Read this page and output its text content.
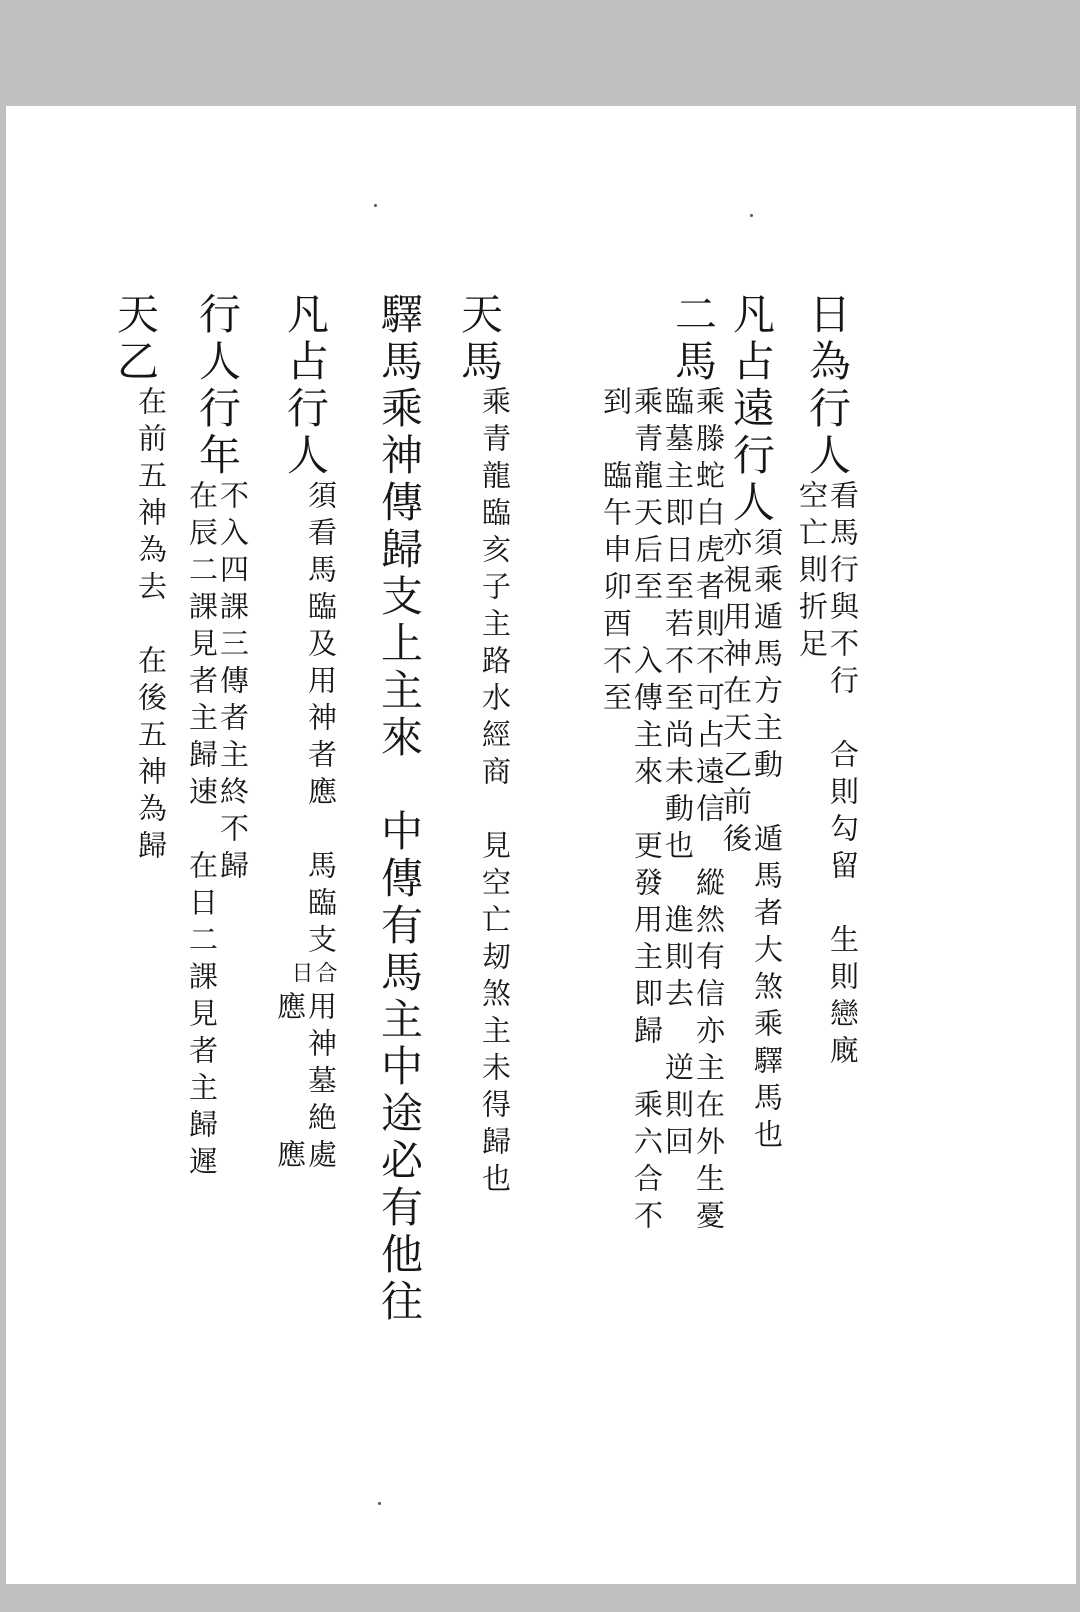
日為行人看馬行與不行　合則勾留　生則戀廐
空亡則折足
凡占遠行人須乘遁馬方主動　遁馬者大煞乘驛馬也
亦視用神在天乙前後
二馬乘滕蛇白虎者則不可占遠信　縱然有信亦主在外生憂
臨墓主即日至若不至尚未動也　進則去　逆則回
乘青龍天后至　入傳主來　更發用主即歸　乘六合不
到　臨午申卯酉不至
天馬乘青龍臨亥子主路水經商　見空亡刼煞主未得歸也
驛馬乘神傳歸支上主來　中傳有馬主中途必有他往
凡占行人須看馬臨及用神者應　馬臨支合
日用神墓絶處
應　　　應
行人行年不入四課三傳者主終不歸
在辰二課見者主歸速　在日二課見者主歸遲
天乙在前五神為去　在後五神為歸
